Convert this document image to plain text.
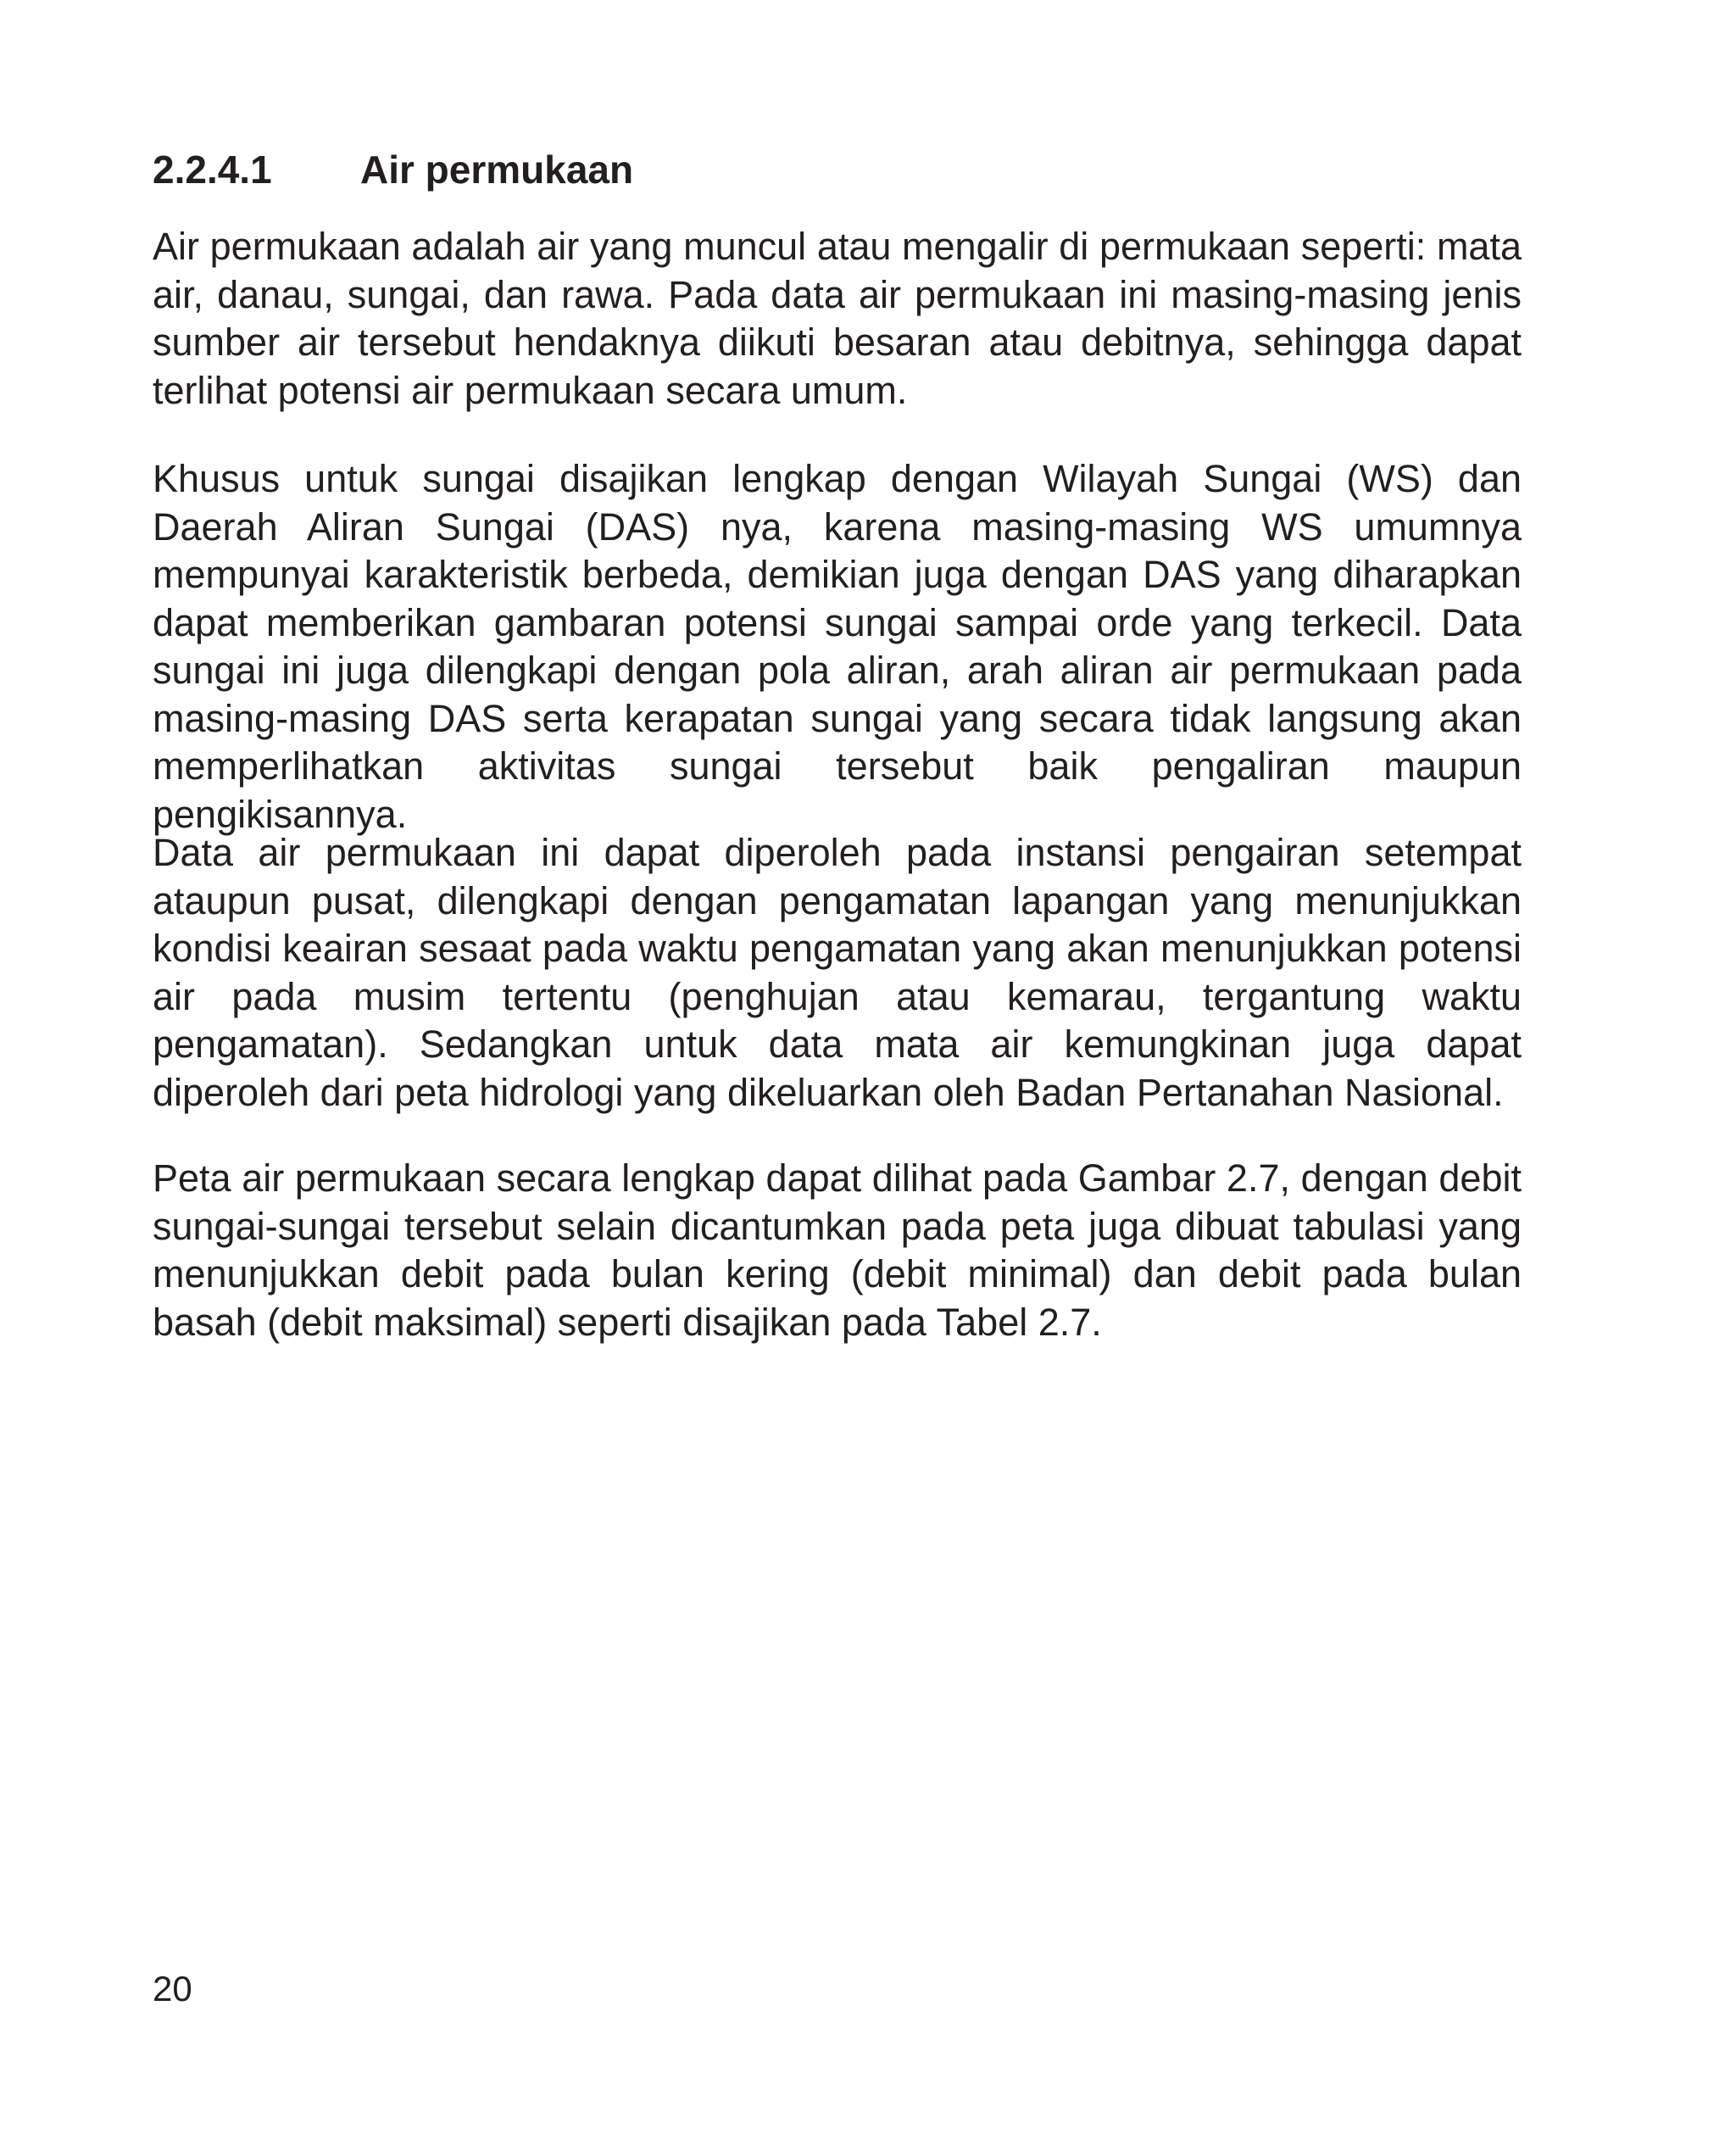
2.2.4.1 Air permukaan

Air permukaan adalah air yang muncul atau mengalir di permukaan seperti: mata air, danau, sungai, dan rawa. Pada data air permukaan ini masing-masing jenis sumber air tersebut hendaknya diikuti besaran atau debitnya, sehingga dapat terlihat potensi air permukaan secara umum.

Khusus untuk sungai disajikan lengkap dengan Wilayah Sungai (WS) dan Daerah Aliran Sungai (DAS) nya, karena masing-masing WS umumnya mempunyai karakteristik berbeda, demikian juga dengan DAS yang diharapkan dapat memberikan gambaran potensi sungai sampai orde yang terkecil. Data sungai ini juga dilengkapi dengan pola aliran, arah aliran air permukaan pada masing-masing DAS serta kerapatan sungai yang secara tidak langsung akan memperlihatkan aktivitas sungai tersebut baik pengaliran maupun pengikisannya.

Data air permukaan ini dapat diperoleh pada instansi pengairan setempat ataupun pusat, dilengkapi dengan pengamatan lapangan yang menunjukkan kondisi keairan sesaat pada waktu pengamatan yang akan menunjukkan potensi air pada musim tertentu (penghujan atau kemarau, tergantung waktu pengamatan). Sedangkan untuk data mata air kemungkinan juga dapat diperoleh dari peta hidrologi yang dikeluarkan oleh Badan Pertanahan Nasional.

Peta air permukaan secara lengkap dapat dilihat pada Gambar 2.7, dengan debit sungai-sungai tersebut selain dicantumkan pada peta juga dibuat tabulasi yang menunjukkan debit pada bulan kering (debit minimal) dan debit pada bulan basah (debit maksimal) seperti disajikan pada Tabel 2.7.

20
